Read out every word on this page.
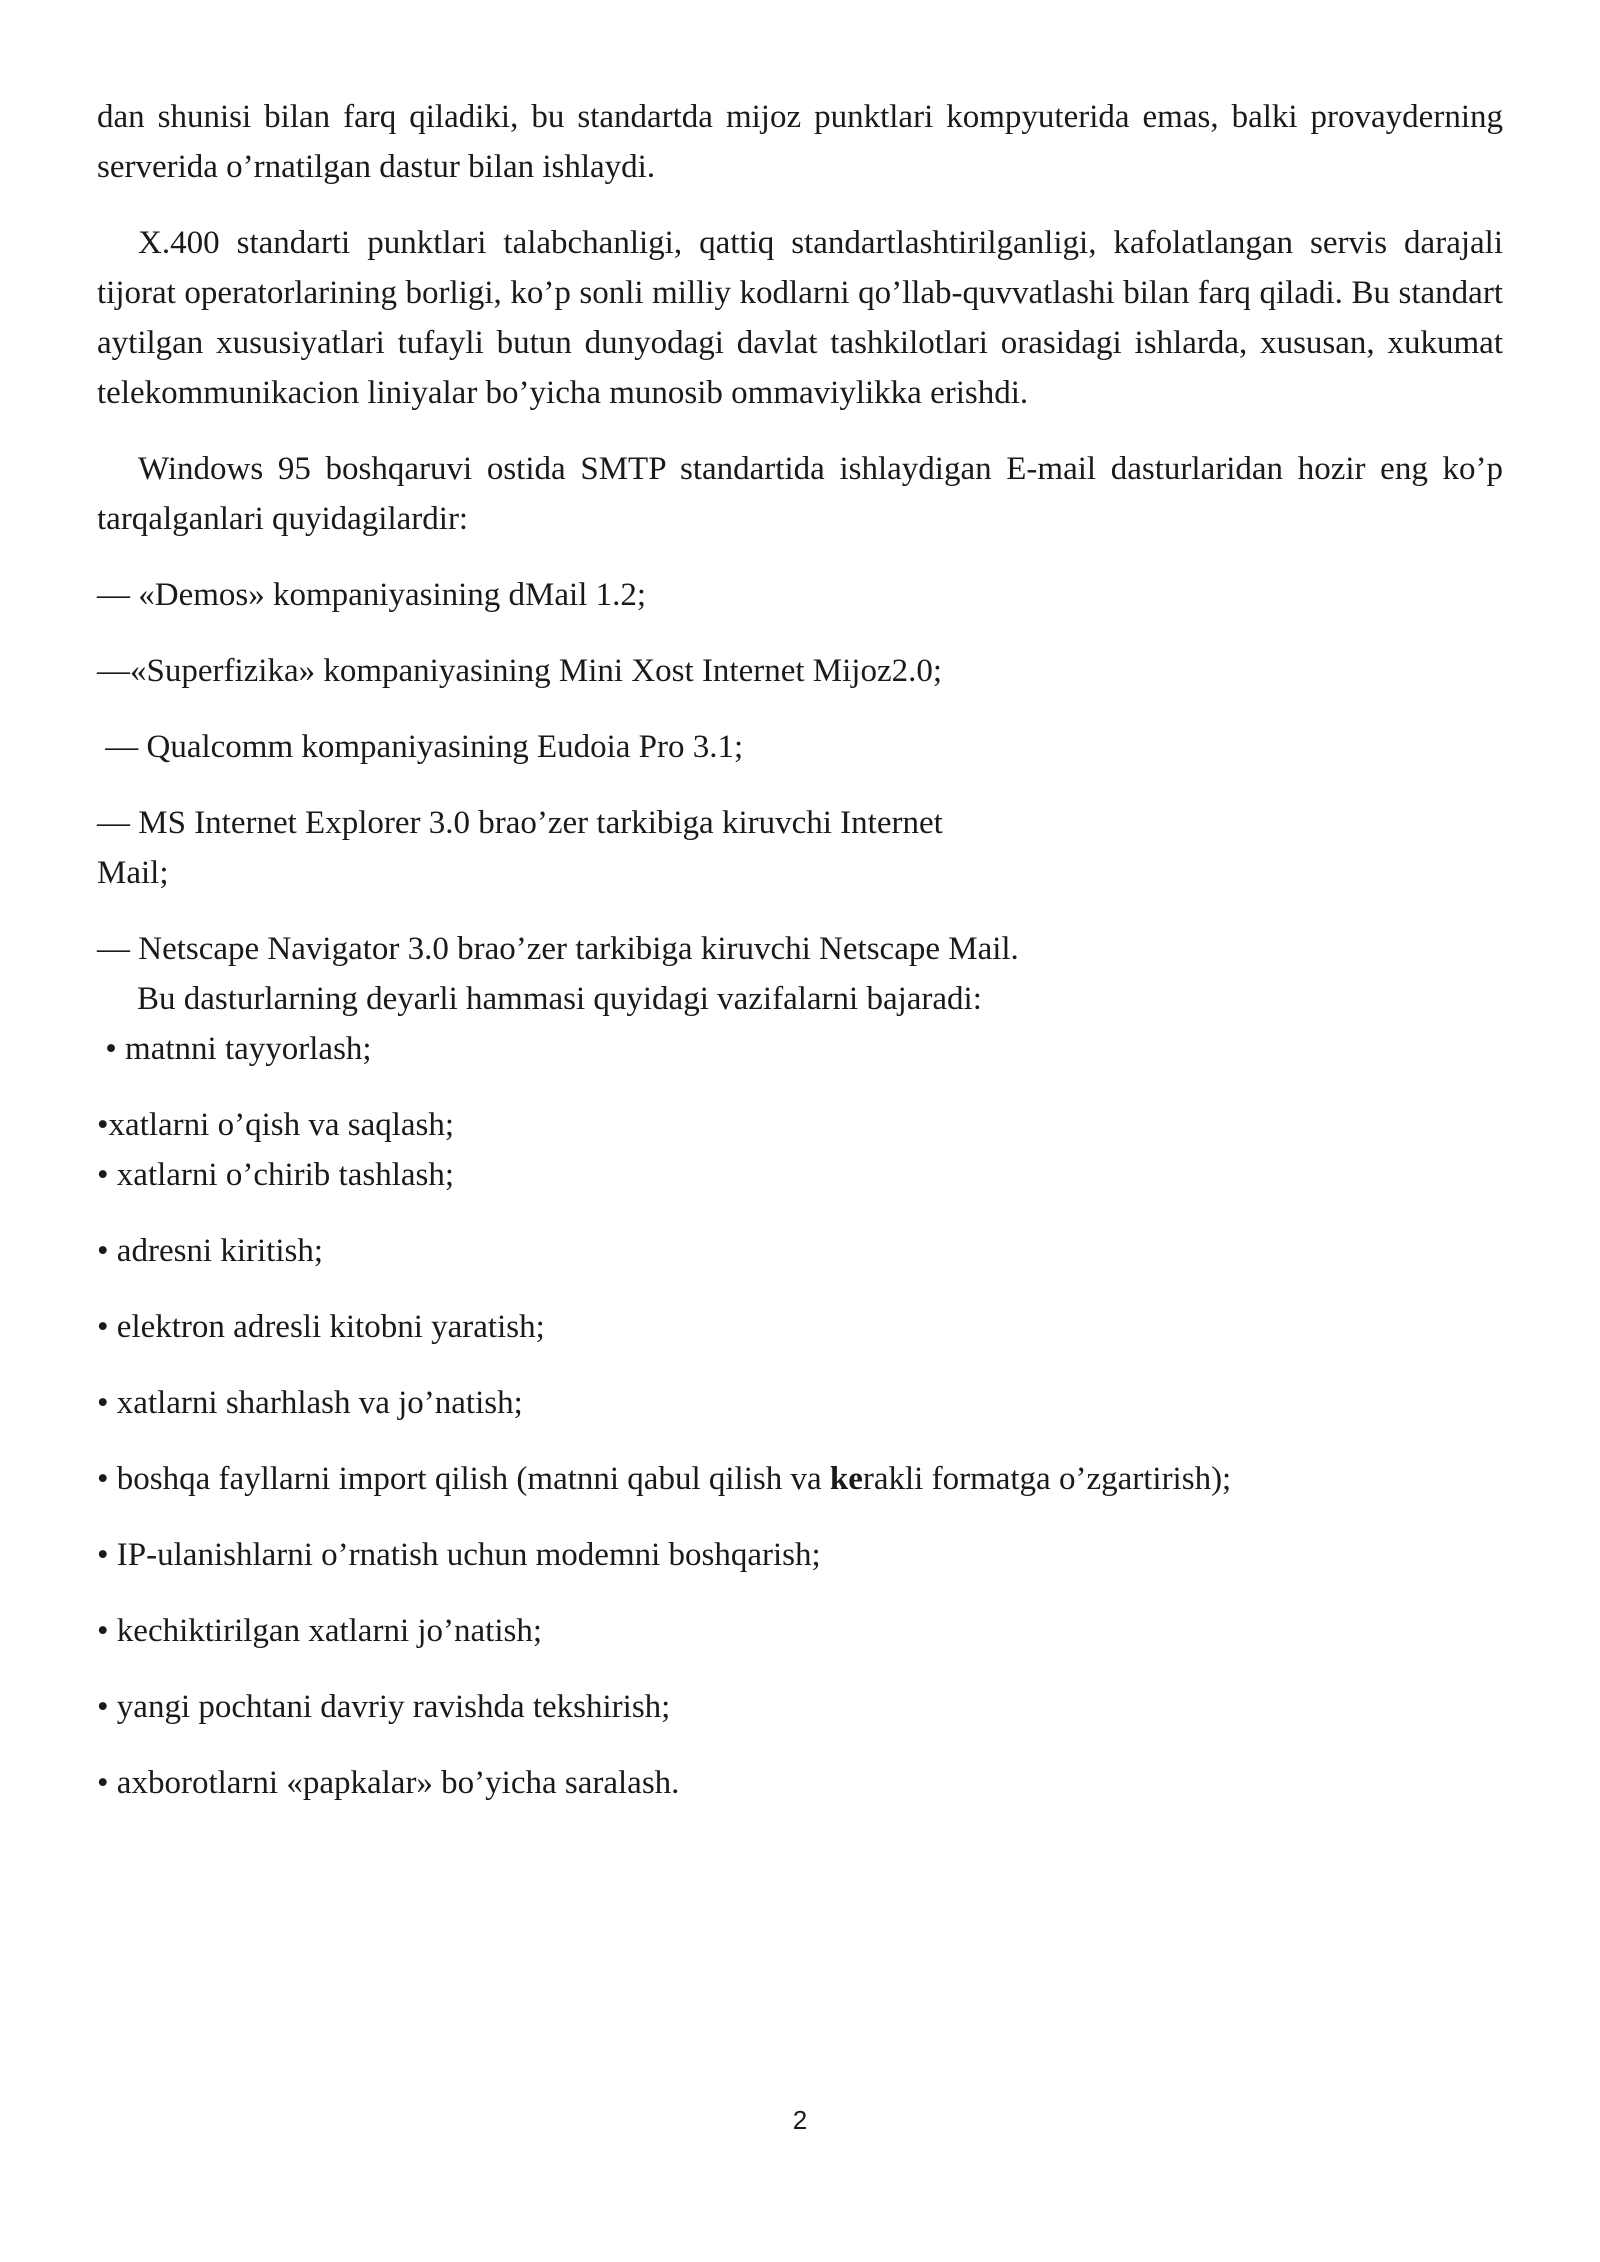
dan shunisi bilan farq qiladiki, bu standartda mijoz punktlari kompyuterida emas, balki provayderning serverida o’rnatilgan dastur bilan ishlaydi.

X.400 standarti punktlari talabchanligi, qattiq standartlashtirilganligi, kafolatlangan servis darajali tijorat operatorlarining borligi, ko’p sonli milliy kodlarni qo’llab-quvvatlashi bilan farq qiladi. Bu standart aytilgan xususiyatlari tufayli butun dunyodagi davlat tashkilotlari orasidagi ishlarda, xususan, xukumat telekommunikacion liniyalar bo’yicha munosib ommaviylikka erishdi.

Windows 95 boshqaruvi ostida SMTP standartida ishlaydigan E-mail dasturlaridan hozir eng ko’p tarqalganlari quyidagilardir:

— «Demos» kompaniyasining dMail 1.2;
—«Superfizika» kompaniyasining Mini Xost Internet Mijoz2.0;
— Qualcomm kompaniyasining Eudoia Pro 3.1;
— MS Internet Explorer 3.0 brao’zer tarkibiga kiruvchi Internet
Mail;
— Netscape Navigator 3.0 brao’zer tarkibiga kiruvchi Netscape Mail.
Bu dasturlarning deyarli hammasi quyidagi vazifalarni bajaradi:
• matnni tayyorlash;
•xatlarni o’qish va saqlash;
• xatlarni o’chirib tashlash;
• adresni kiritish;
• elektron adresli kitobni yaratish;
• xatlarni sharhlash va jo’natish;
• boshqa fayllarni import qilish (matnni qabul qilish va kerakli formatga o’zgartirish);
• IP-ulanishlarni o’rnatish uchun modemni boshqarish;
• kechiktirilgan xatlarni jo’natish;
• yangi pochtani davriy ravishda tekshirish;
• axborotlarni «papkalar» bo’yicha saralash.
2
